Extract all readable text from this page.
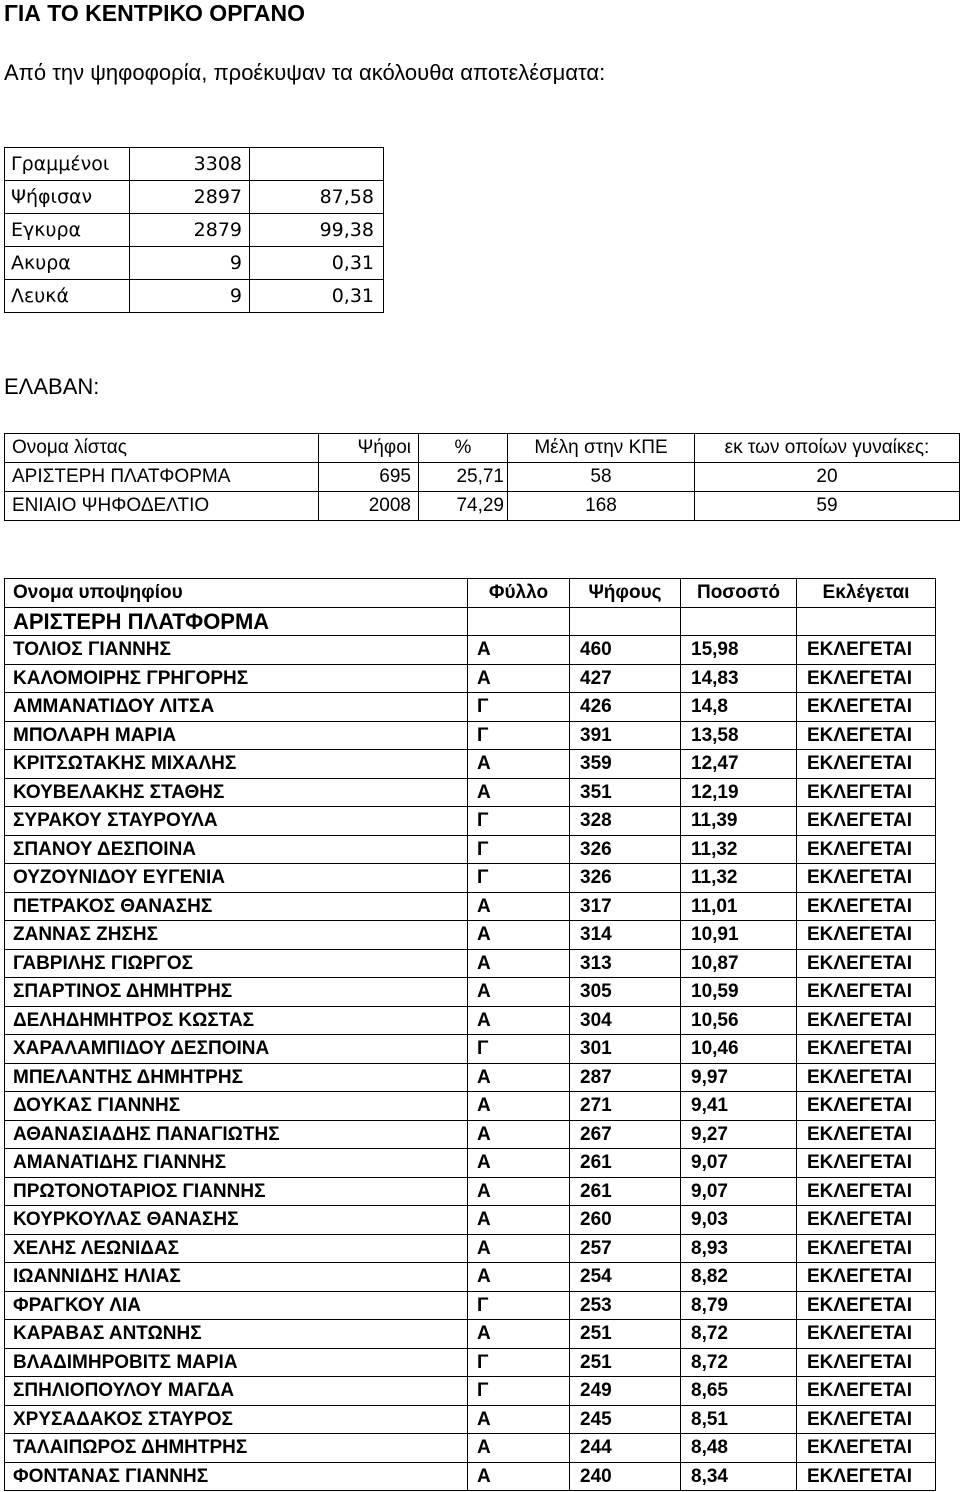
ΓΙΑ ΤΟ ΚΕΝΤΡΙΚΟ ΟΡΓΑΝΟ

Από την ψηφοφορία, προέκυψαν τα ακόλουθα αποτελέσματα:

Γραμμένοι	3308	
Ψήφισαν	2897	87,58
Εγκυρα	2879	99,38
Ακυρα	9	0,31
Λευκά	9	0,31

ΕΛΑΒΑΝ:

Ονομα λίστας	Ψήφοι	%	Μέλη στην ΚΠΕ	εκ των οποίων γυναίκες:
ΑΡΙΣΤΕΡΗ ΠΛΑΤΦΟΡΜΑ	695	25,71	58	20
ΕΝΙΑΙΟ ΨΗΦΟΔΕΛΤΙΟ	2008	74,29	168	59
Ονομα υποψηφίου	Φύλλο	Ψήφους	Ποσοστό	Εκλέγεται
ΑΡΙΣΤΕΡΗ ΠΛΑΤΦΟΡΜΑ				
ΤΟΛΙΟΣ ΓΙΑΝΝΗΣ	Α	460	15,98	ΕΚΛΕΓΕΤΑΙ
ΚΑΛΟΜΟΙΡΗΣ ΓΡΗΓΟΡΗΣ	Α	427	14,83	ΕΚΛΕΓΕΤΑΙ
ΑΜΜΑΝΑΤΙΔΟΥ ΛΙΤΣΑ	Γ	426	14,8	ΕΚΛΕΓΕΤΑΙ
ΜΠΟΛΑΡΗ ΜΑΡΙΑ	Γ	391	13,58	ΕΚΛΕΓΕΤΑΙ
ΚΡΙΤΣΩΤΑΚΗΣ ΜΙΧΑΛΗΣ	Α	359	12,47	ΕΚΛΕΓΕΤΑΙ
ΚΟΥΒΕΛΑΚΗΣ ΣΤΑΘΗΣ	Α	351	12,19	ΕΚΛΕΓΕΤΑΙ
ΣΥΡΑΚΟΥ ΣΤΑΥΡΟΥΛΑ	Γ	328	11,39	ΕΚΛΕΓΕΤΑΙ
ΣΠΑΝΟΥ ΔΕΣΠΟΙΝΑ	Γ	326	11,32	ΕΚΛΕΓΕΤΑΙ
ΟΥΖΟΥΝΙΔΟΥ ΕΥΓΕΝΙΑ	Γ	326	11,32	ΕΚΛΕΓΕΤΑΙ
ΠΕΤΡΑΚΟΣ ΘΑΝΑΣΗΣ	Α	317	11,01	ΕΚΛΕΓΕΤΑΙ
ΖΑΝΝΑΣ ΖΗΣΗΣ	Α	314	10,91	ΕΚΛΕΓΕΤΑΙ
ΓΑΒΡΙΛΗΣ ΓΙΩΡΓΟΣ	Α	313	10,87	ΕΚΛΕΓΕΤΑΙ
ΣΠΑΡΤΙΝΟΣ ΔΗΜΗΤΡΗΣ	Α	305	10,59	ΕΚΛΕΓΕΤΑΙ
ΔΕΛΗΔΗΜΗΤΡΟΣ ΚΩΣΤΑΣ	Α	304	10,56	ΕΚΛΕΓΕΤΑΙ
ΧΑΡΑΛΑΜΠΙΔΟΥ ΔΕΣΠΟΙΝΑ	Γ	301	10,46	ΕΚΛΕΓΕΤΑΙ
ΜΠΕΛΑΝΤΗΣ ΔΗΜΗΤΡΗΣ	Α	287	9,97	ΕΚΛΕΓΕΤΑΙ
ΔΟΥΚΑΣ ΓΙΑΝΝΗΣ	Α	271	9,41	ΕΚΛΕΓΕΤΑΙ
ΑΘΑΝΑΣΙΑΔΗΣ ΠΑΝΑΓΙΩΤΗΣ	Α	267	9,27	ΕΚΛΕΓΕΤΑΙ
ΑΜΑΝΑΤΙΔΗΣ ΓΙΑΝΝΗΣ	Α	261	9,07	ΕΚΛΕΓΕΤΑΙ
ΠΡΩΤΟΝΟΤΑΡΙΟΣ ΓΙΑΝΝΗΣ	Α	261	9,07	ΕΚΛΕΓΕΤΑΙ
ΚΟΥΡΚΟΥΛΑΣ ΘΑΝΑΣΗΣ	Α	260	9,03	ΕΚΛΕΓΕΤΑΙ
ΧΕΛΗΣ ΛΕΩΝΙΔΑΣ	Α	257	8,93	ΕΚΛΕΓΕΤΑΙ
ΙΩΑΝΝΙΔΗΣ ΗΛΙΑΣ	Α	254	8,82	ΕΚΛΕΓΕΤΑΙ
ΦΡΑΓΚΟΥ ΛΙΑ	Γ	253	8,79	ΕΚΛΕΓΕΤΑΙ
ΚΑΡΑΒΑΣ ΑΝΤΩΝΗΣ	Α	251	8,72	ΕΚΛΕΓΕΤΑΙ
ΒΛΑΔΙΜΗΡΟΒΙΤΣ ΜΑΡΙΑ	Γ	251	8,72	ΕΚΛΕΓΕΤΑΙ
ΣΠΗΛΙΟΠΟΥΛΟΥ ΜΑΓΔΑ	Γ	249	8,65	ΕΚΛΕΓΕΤΑΙ
ΧΡΥΣΑΔΑΚΟΣ ΣΤΑΥΡΟΣ	Α	245	8,51	ΕΚΛΕΓΕΤΑΙ
ΤΑΛΑΙΠΩΡΟΣ ΔΗΜΗΤΡΗΣ	Α	244	8,48	ΕΚΛΕΓΕΤΑΙ
ΦΟΝΤΑΝΑΣ ΓΙΑΝΝΗΣ	Α	240	8,34	ΕΚΛΕΓΕΤΑΙ
